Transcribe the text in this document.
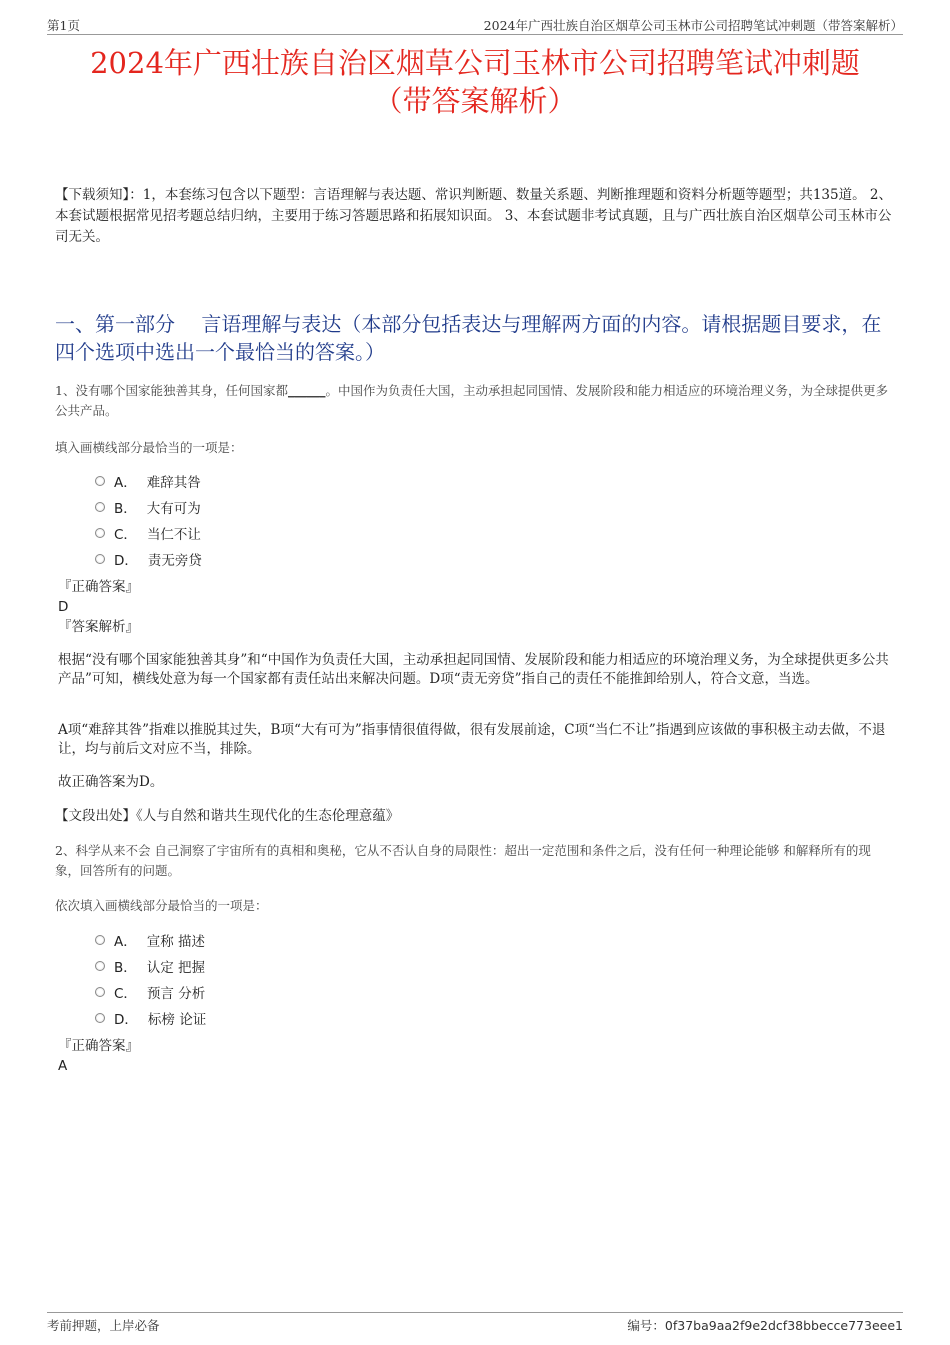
第1页	2024年广西壮族自治区烟草公司玉林市公司招聘笔试冲刺题（带答案解析）
2024年广西壮族自治区烟草公司玉林市公司招聘笔试冲刺题
（带答案解析）
【下载须知】：1，本套练习包含以下题型：言语理解与表达题、常识判断题、数量关系题、判断推理题和资料分析题等题型；共135道。 2、本套试题根据常见招考题总结归纳，主要用于练习答题思路和拓展知识面。 3、本套试题非考试真题，且与广西壮族自治区烟草公司玉林市公司无关。
一、第一部分　 言语理解与表达（本部分包括表达与理解两方面的内容。请根据题目要求，在四个选项中选出一个最恰当的答案。）
1、没有哪个国家能独善其身，任何国家都______。中国作为负责任大国，主动承担起同国情、发展阶段和能力相适应的环境治理义务，为全球提供更多公共产品。
填入画横线部分最恰当的一项是：
A． 难辞其咎
B． 大有可为
C． 当仁不让
D． 责无旁贷
『正确答案』
D
『答案解析』
根据“没有哪个国家能独善其身”和“中国作为负责任大国，主动承担起同国情、发展阶段和能力相适应的环境治理义务，为全球提供更多公共产品”可知，横线处意为每一个国家都有责任站出来解决问题。D项“责无旁贷”指自己的责任不能推卸给别人，符合文意，当选。
A项“难辞其咎”指难以推脱其过失，B项“大有可为”指事情很值得做，很有发展前途，C项“当仁不让”指遇到应该做的事积极主动去做，不退让，均与前后文对应不当，排除。
故正确答案为D。
【文段出处】《人与自然和谐共生现代化的生态伦理意蕴》
2、科学从来不会 自己洞察了宇宙所有的真相和奥秘，它从不否认自身的局限性：超出一定范围和条件之后，没有任何一种理论能够 和解释所有的现象，回答所有的问题。
依次填入画横线部分最恰当的一项是：
A． 宣称 描述
B． 认定 把握
C． 预言 分析
D． 标榜 论证
『正确答案』
A
考前押题，上岸必备	编号：0f37ba9aa2f9e2dcf38bbecce773eee1
